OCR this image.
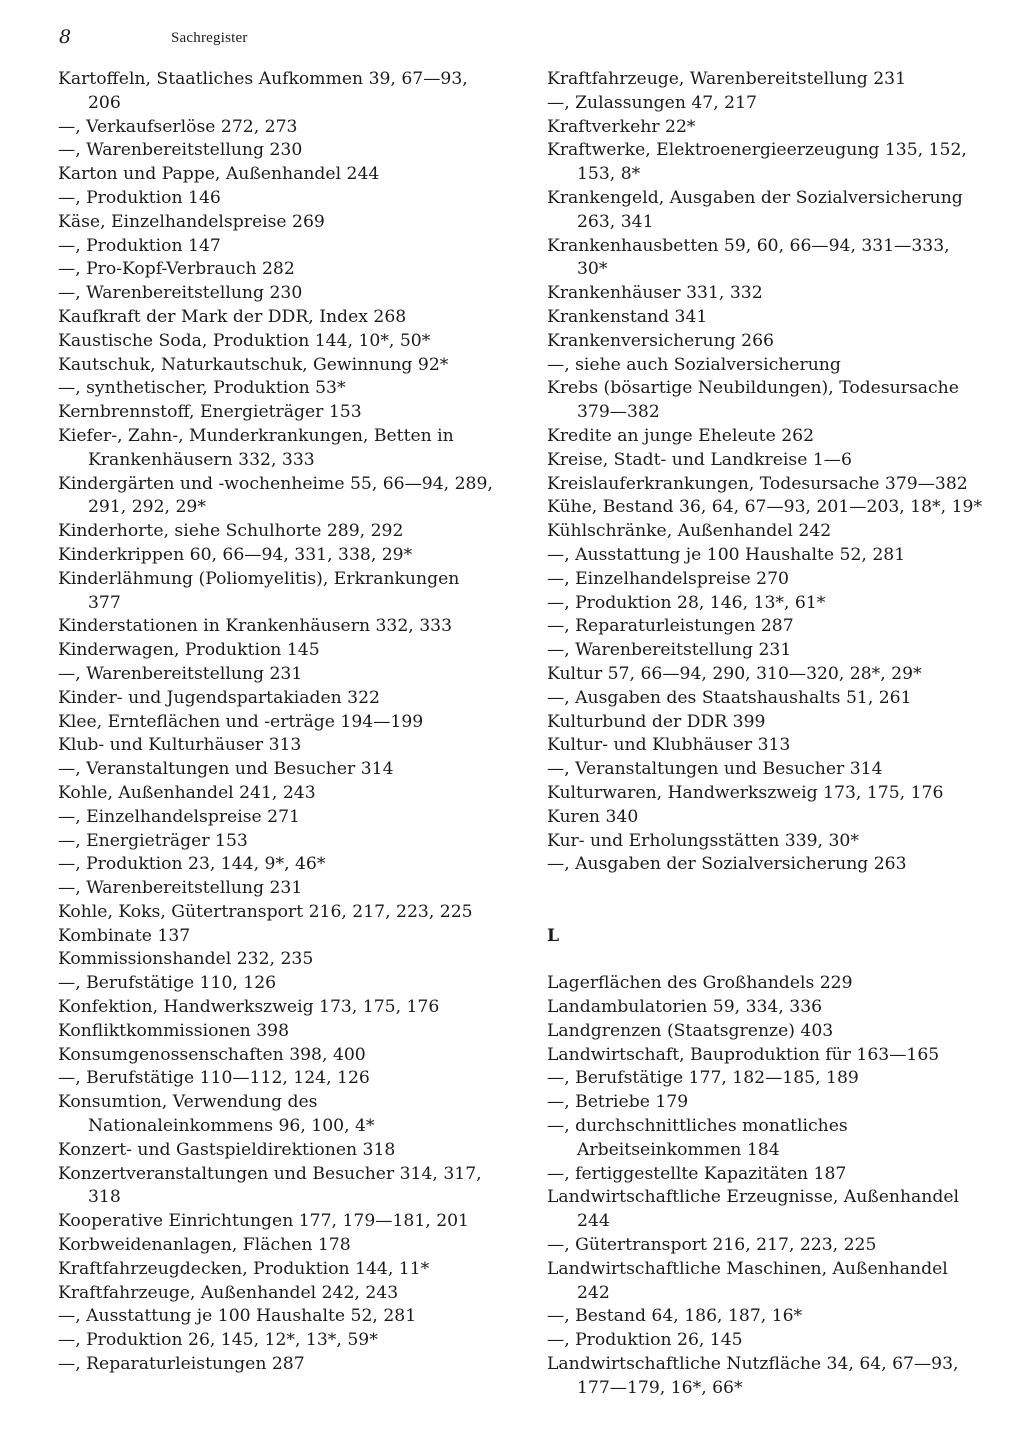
8	Sachregister

Kartoffeln, Staatliches Aufkommen 39, 67—93, 206

—, Verkaufserlöse 272, 273

—, Warenbereitstellung 230

Karton und Pappe, Außenhandel 244

—, Produktion 146

Käse, Einzelhandelspreise 269

—, Produktion 147

—, Pro-Kopf-Verbrauch 282

—, Warenbereitstellung 230

Kaufkraft der Mark der DDR, Index 268

Kaustische Soda, Produktion 144, 10*, 50*

Kautschuk, Naturkautschuk, Gewinnung 92*

—, synthetischer, Produktion 53*

Kernbrennstoff, Energieträger 153

Kiefer-, Zahn-, Munderkrankungen, Betten in Krankenhäusern 332, 333

Kindergärten und -wochenheime 55, 66—94, 289, 291, 292, 29*

Kinderhorte, siehe Schulhorte 289, 292

Kinderkrippen 60, 66—94, 331, 338, 29*

Kinderlähmung (Poliomyelitis), Erkrankungen 377

Kinderstationen in Krankenhäusern 332, 333

Kinderwagen, Produktion 145

—, Warenbereitstellung 231

Kinder- und Jugendspartakiaden 322

Klee, Ernteflächen und -erträge 194—199

Klub- und Kulturhäuser 313

—, Veranstaltungen und Besucher 314

Kohle, Außenhandel 241, 243

—, Einzelhandelspreise 271

—, Energieträger 153

—, Produktion 23, 144, 9*, 46*

—, Warenbereitstellung 231

Kohle, Koks, Gütertransport 216, 217, 223, 225

Kombinate 137

Kommissionshandel 232, 235

—, Berufstätige 110, 126

Konfektion, Handwerkszweig 173, 175, 176

Konfliktkommissionen 398

Konsumgenossenschaften 398, 400

—, Berufstätige 110—112, 124, 126

Konsumtion, Verwendung des Nationaleinkommens 96, 100, 4*

Konzert- und Gastspieldirektionen 318

Konzertveranstaltungen und Besucher 314, 317, 318

Kooperative Einrichtungen 177, 179—181, 201

Korbweidenanlagen, Flächen 178

Kraftfahrzeugdecken, Produktion 144, 11*

Kraftfahrzeuge, Außenhandel 242, 243

—, Ausstattung je 100 Haushalte 52, 281

—, Produktion 26, 145, 12*, 13*, 59*

—, Reparaturleistungen 287

Kraftfahrzeuge, Warenbereitstellung 231

—, Zulassungen 47, 217

Kraftverkehr 22*

Kraftwerke, Elektroenergieerzeugung 135, 152, 153, 8*

Krankengeld, Ausgaben der Sozialversicherung 263, 341

Krankenhausbetten 59, 60, 66—94, 331—333, 30*

Krankenhäuser 331, 332

Krankenstand 341

Krankenversicherung 266

—, siehe auch Sozialversicherung

Krebs (bösartige Neubildungen), Todesursache 379—382

Kredite an junge Eheleute 262

Kreise, Stadt- und Landkreise 1—6

Kreislauferkrankungen, Todesursache 379—382

Kühe, Bestand 36, 64, 67—93, 201—203, 18*, 19*

Kühlschränke, Außenhandel 242

—, Ausstattung je 100 Haushalte 52, 281

—, Einzelhandelspreise 270

—, Produktion 28, 146, 13*, 61*

—, Reparaturleistungen 287

—, Warenbereitstellung 231

Kultur 57, 66—94, 290, 310—320, 28*, 29*

—, Ausgaben des Staatshaushalts 51, 261

Kulturbund der DDR 399

Kultur- und Klubhäuser 313

—, Veranstaltungen und Besucher 314

Kulturwaren, Handwerkszweig 173, 175, 176

Kuren 340

Kur- und Erholungsstätten 339, 30*

—, Ausgaben der Sozialversicherung 263

L

Lagerflächen des Großhandels 229

Landambulatorien 59, 334, 336

Landgrenzen (Staatsgrenze) 403

Landwirtschaft, Bauproduktion für 163—165

—, Berufstätige 177, 182—185, 189

—, Betriebe 179

—, durchschnittliches monatliches Arbeitseinkommen 184

—, fertiggestellte Kapazitäten 187

Landwirtschaftliche Erzeugnisse, Außenhandel 244

—, Gütertransport 216, 217, 223, 225

Landwirtschaftliche Maschinen, Außenhandel 242

—, Bestand 64, 186, 187, 16*

—, Produktion 26, 145

Landwirtschaftliche Nutzfläche 34, 64, 67—93, 177—179, 16*, 66*
